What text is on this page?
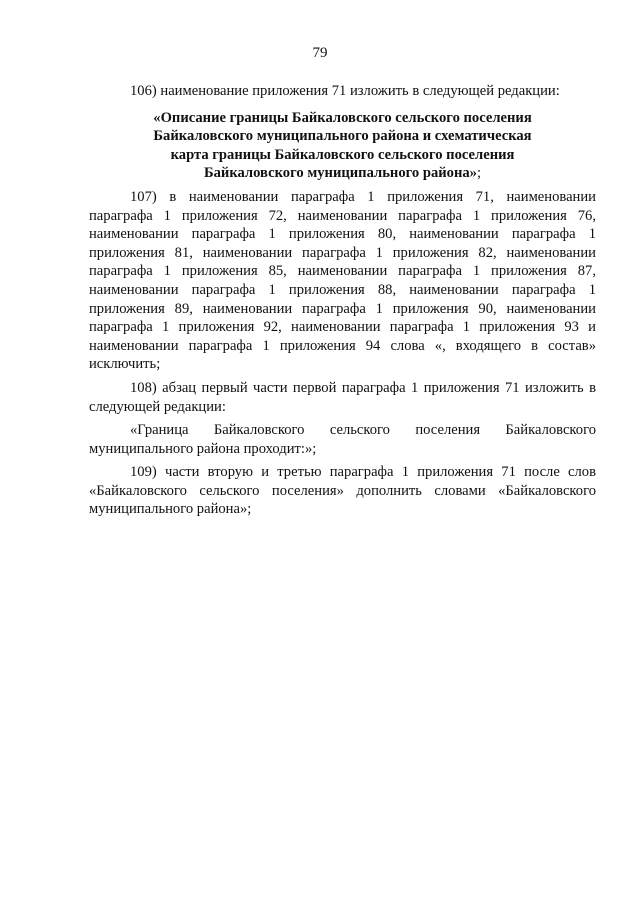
79

106) наименование приложения 71 изложить в следующей редакции:

«Описание границы Байкаловского сельского поселения
Байкаловского муниципального района и схематическая
карта границы Байкаловского сельского поселения
Байкаловского муниципального района»;

107) в наименовании параграфа 1 приложения 71, наименовании параграфа 1 приложения 72, наименовании параграфа 1 приложения 76, наименовании параграфа 1 приложения 80, наименовании параграфа 1 приложения 81, наименовании параграфа 1 приложения 82, наименовании параграфа 1 приложения 85, наименовании параграфа 1 приложения 87, наименовании параграфа 1 приложения 88, наименовании параграфа 1 приложения 89, наименовании параграфа 1 приложения 90, наименовании параграфа 1 приложения 92, наименовании параграфа 1 приложения 93 и наименовании параграфа 1 приложения 94 слова «, входящего в состав» исключить;

108) абзац первый части первой параграфа 1 приложения 71 изложить в следующей редакции:

«Граница Байкаловского сельского поселения Байкаловского муниципального района проходит:»;

109) части вторую и третью параграфа 1 приложения 71 после слов «Байкаловского сельского поселения» дополнить словами «Байкаловского муниципального района»;
